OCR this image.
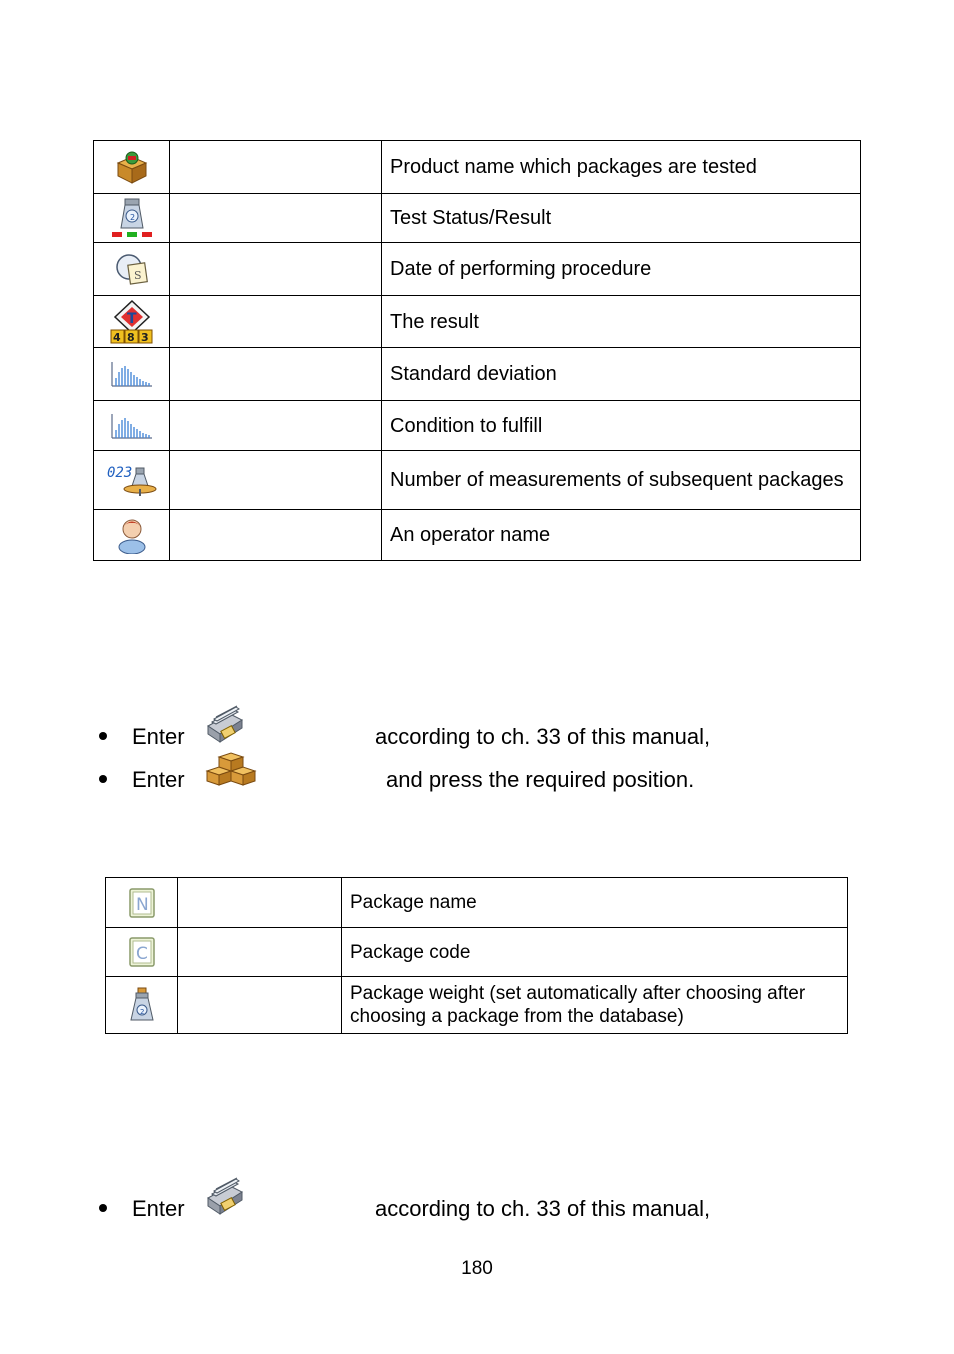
		Product name which packages are tested

2		Test Status/Result

S		Date of performing procedure

T
4 8 3		The result

		Standard deviation

		Condition to fulfill

023		Number of measurements of subsequent packages

		An operator name
Enter	according to ch. 33 of this manual,
Enter	and press the required position.
N		Package name

C		Package code

2		Package weight (set automatically after choosing after choosing a package from the database)
Enter	according to ch. 33 of this manual,
180
